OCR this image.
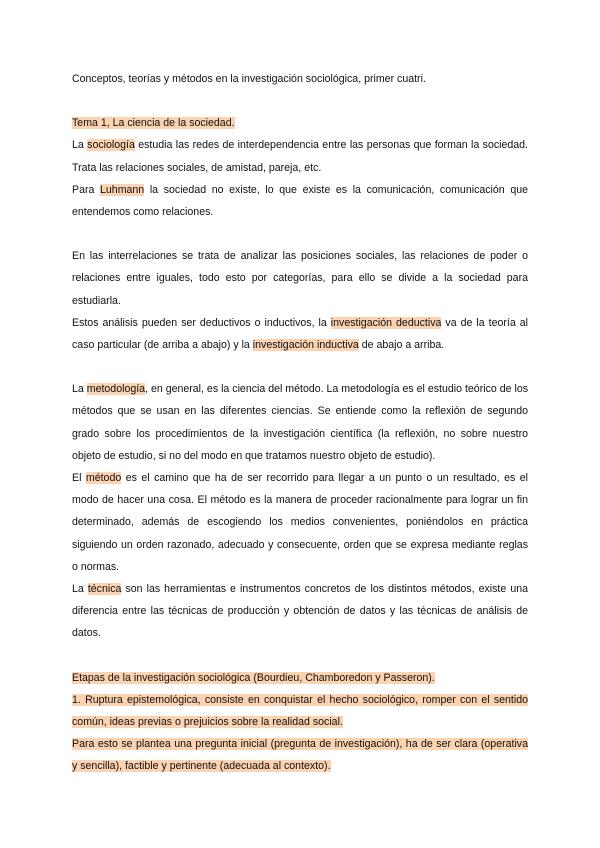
Conceptos, teorías y métodos en la investigación sociológica, primer cuatri.

Tema 1, La ciencia de la sociedad.

La sociología estudia las redes de interdependencia entre las personas que forman la sociedad. Trata las relaciones sociales, de amistad, pareja, etc.

Para Luhmann la sociedad no existe, lo que existe es la comunicación, comunicación que entendemos como relaciones.

En las interrelaciones se trata de analizar las posiciones sociales, las relaciones de poder o relaciones entre iguales, todo esto por categorías, para ello se divide a la sociedad para estudiarla.

Estos análisis pueden ser deductivos o inductivos, la investigación deductiva va de la teoría al caso particular (de arriba a abajo) y la investigación inductiva de abajo a arriba.

La metodología, en general, es la ciencia del método. La metodología es el estudio teórico de los métodos que se usan en las diferentes ciencias. Se entiende como la reflexión de segundo grado sobre los procedimientos de la investigación científica (la reflexión, no sobre nuestro objeto de estudio, si no del modo en que tratamos nuestro objeto de estudio).

El método es el camino que ha de ser recorrido para llegar a un punto o un resultado, es el modo de hacer una cosa. El método es la manera de proceder racionalmente para lograr un fin determinado, además de escogiendo los medios convenientes, poniéndolos en práctica siguiendo un orden razonado, adecuado y consecuente, orden que se expresa mediante reglas o normas.

La técnica son las herramientas e instrumentos concretos de los distintos métodos, existe una diferencia entre las técnicas de producción y obtención de datos y las técnicas de análisis de datos.

Etapas de la investigación sociológica (Bourdieu, Chamboredon y Passeron).

1. Ruptura epistemológica, consiste en conquistar el hecho sociológico, romper con el sentido común, ideas previas o prejuicios sobre la realidad social.

Para esto se plantea una pregunta inicial (pregunta de investigación), ha de ser clara (operativa y sencilla), factible y pertinente (adecuada al contexto).
